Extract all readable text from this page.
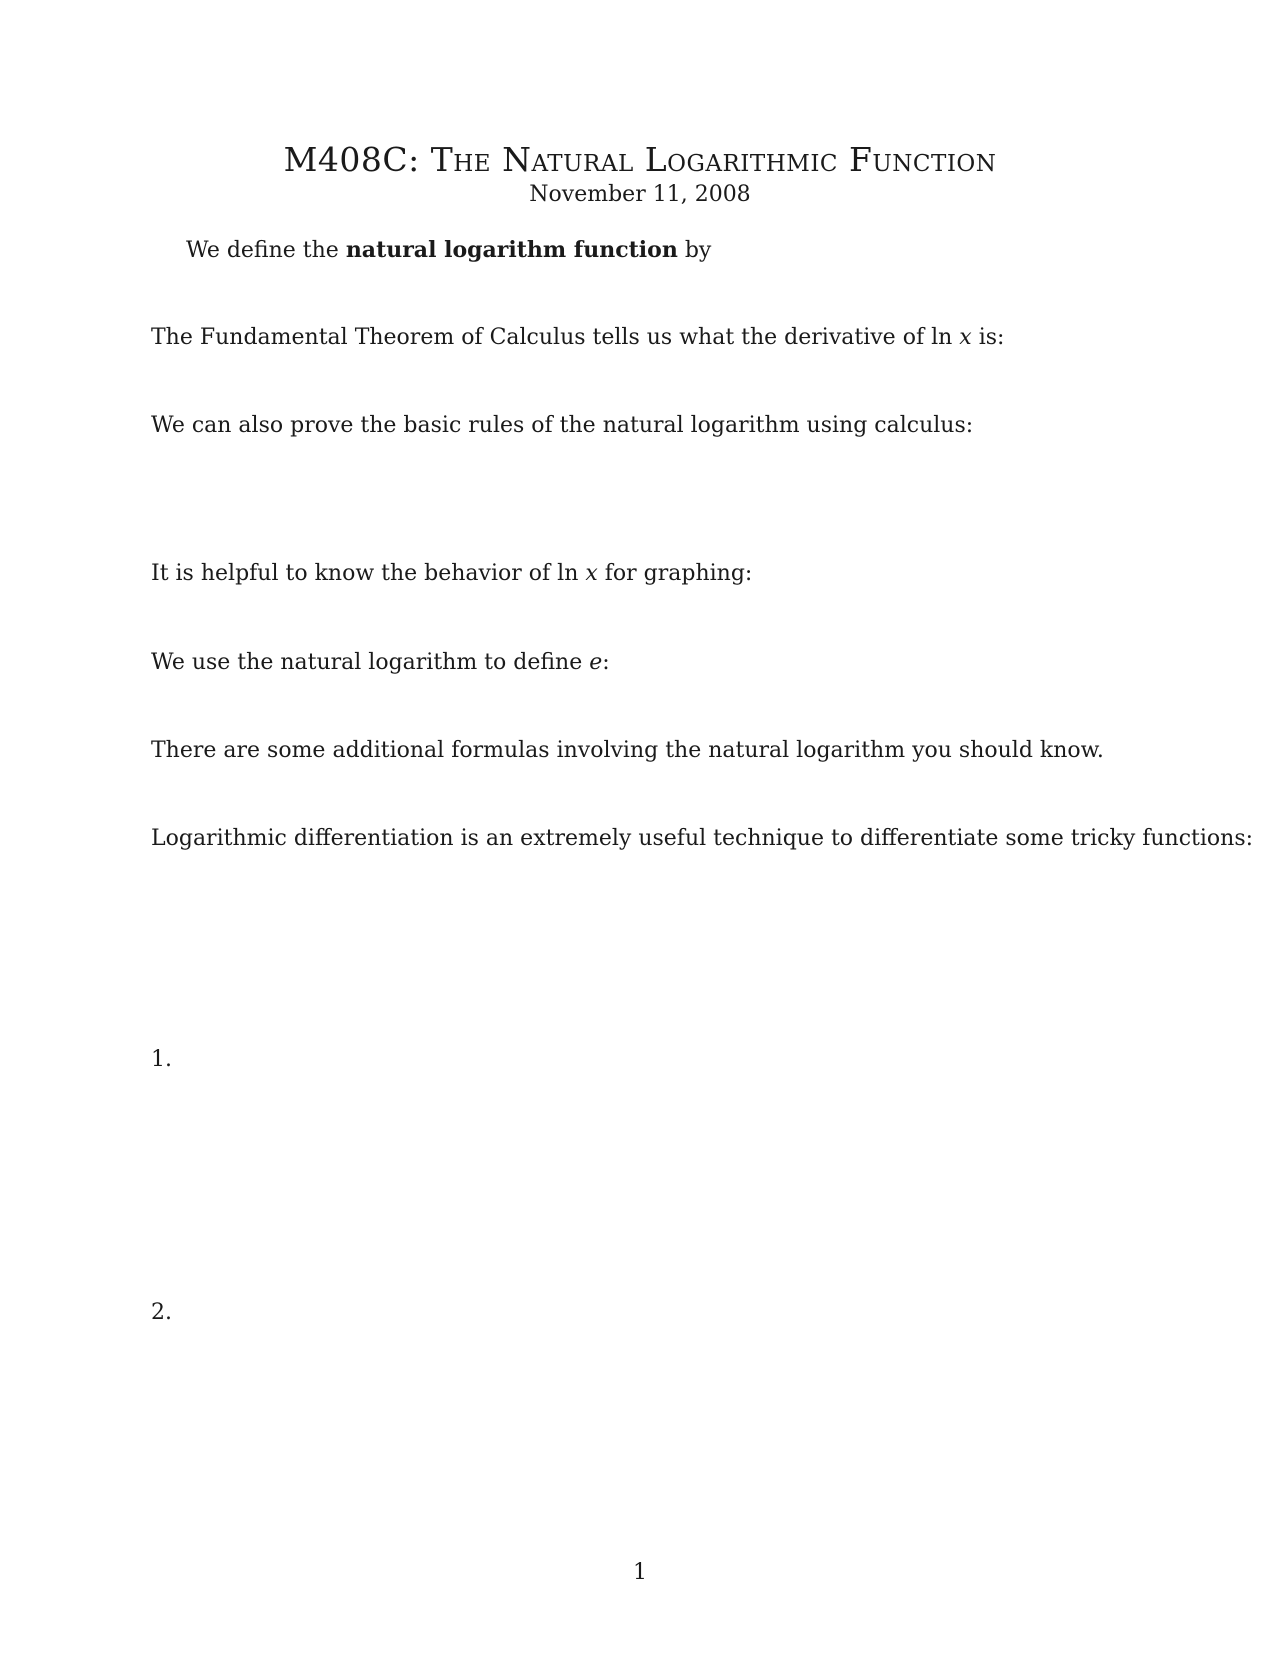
M408C: The Natural Logarithmic Function
November 11, 2008
We define the natural logarithm function by
The Fundamental Theorem of Calculus tells us what the derivative of ln x is:
We can also prove the basic rules of the natural logarithm using calculus:
It is helpful to know the behavior of ln x for graphing:
We use the natural logarithm to define e:
There are some additional formulas involving the natural logarithm you should know.
Logarithmic differentiation is an extremely useful technique to differentiate some tricky functions:
1.
2.
1
